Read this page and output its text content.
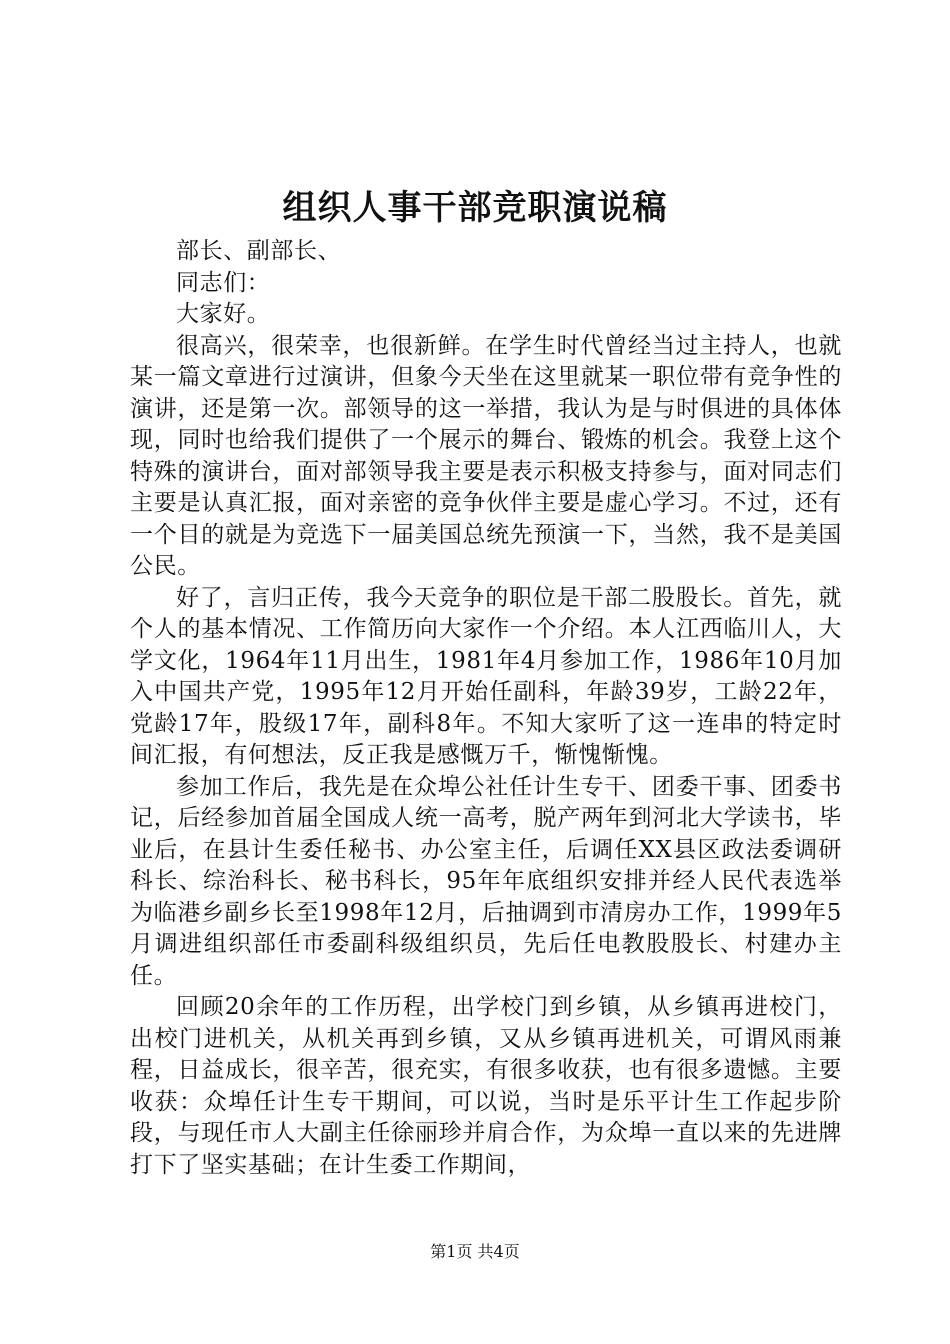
组织人事干部竞职演说稿

部长、副部长、

同志们：

大家好。

很高兴，很荣幸，也很新鲜。在学生时代曾经当过主持人，也就某一篇文章进行过演讲，但象今天坐在这里就某一职位带有竞争性的演讲，还是第一次。部领导的这一举措，我认为是与时俱进的具体体现，同时也给我们提供了一个展示的舞台、锻炼的机会。我登上这个特殊的演讲台，面对部领导我主要是表示积极支持参与，面对同志们主要是认真汇报，面对亲密的竞争伙伴主要是虚心学习。不过，还有一个目的就是为竞选下一届美国总统先预演一下，当然，我不是美国公民。

好了，言归正传，我今天竞争的职位是干部二股股长。首先，就个人的基本情况、工作简历向大家作一个介绍。本人江西临川人，大学文化，1964年11月出生，1981年4月参加工作，1986年10月加入中国共产党，1995年12月开始任副科，年龄39岁，工龄22年，党龄17年，股级17年，副科8年。不知大家听了这一连串的特定时间汇报，有何想法，反正我是感慨万千，惭愧惭愧。

参加工作后，我先是在众埠公社任计生专干、团委干事、团委书记，后经参加首届全国成人统一高考，脱产两年到河北大学读书，毕业后，在县计生委任秘书、办公室主任，后调任XX县区政法委调研科长、综治科长、秘书科长，95年年底组织安排并经人民代表选举为临港乡副乡长至1998年12月，后抽调到市清房办工作，1999年5月调进组织部任市委副科级组织员，先后任电教股股长、村建办主任。

回顾20余年的工作历程，出学校门到乡镇，从乡镇再进校门，出校门进机关，从机关再到乡镇，又从乡镇再进机关，可谓风雨兼程，日益成长，很辛苦，很充实，有很多收获，也有很多遗憾。主要收获：众埠任计生专干期间，可以说，当时是乐平计生工作起步阶段，与现任市人大副主任徐丽珍并肩合作，为众埠一直以来的先进牌打下了坚实基础；在计生委工作期间，

第1页 共4页
